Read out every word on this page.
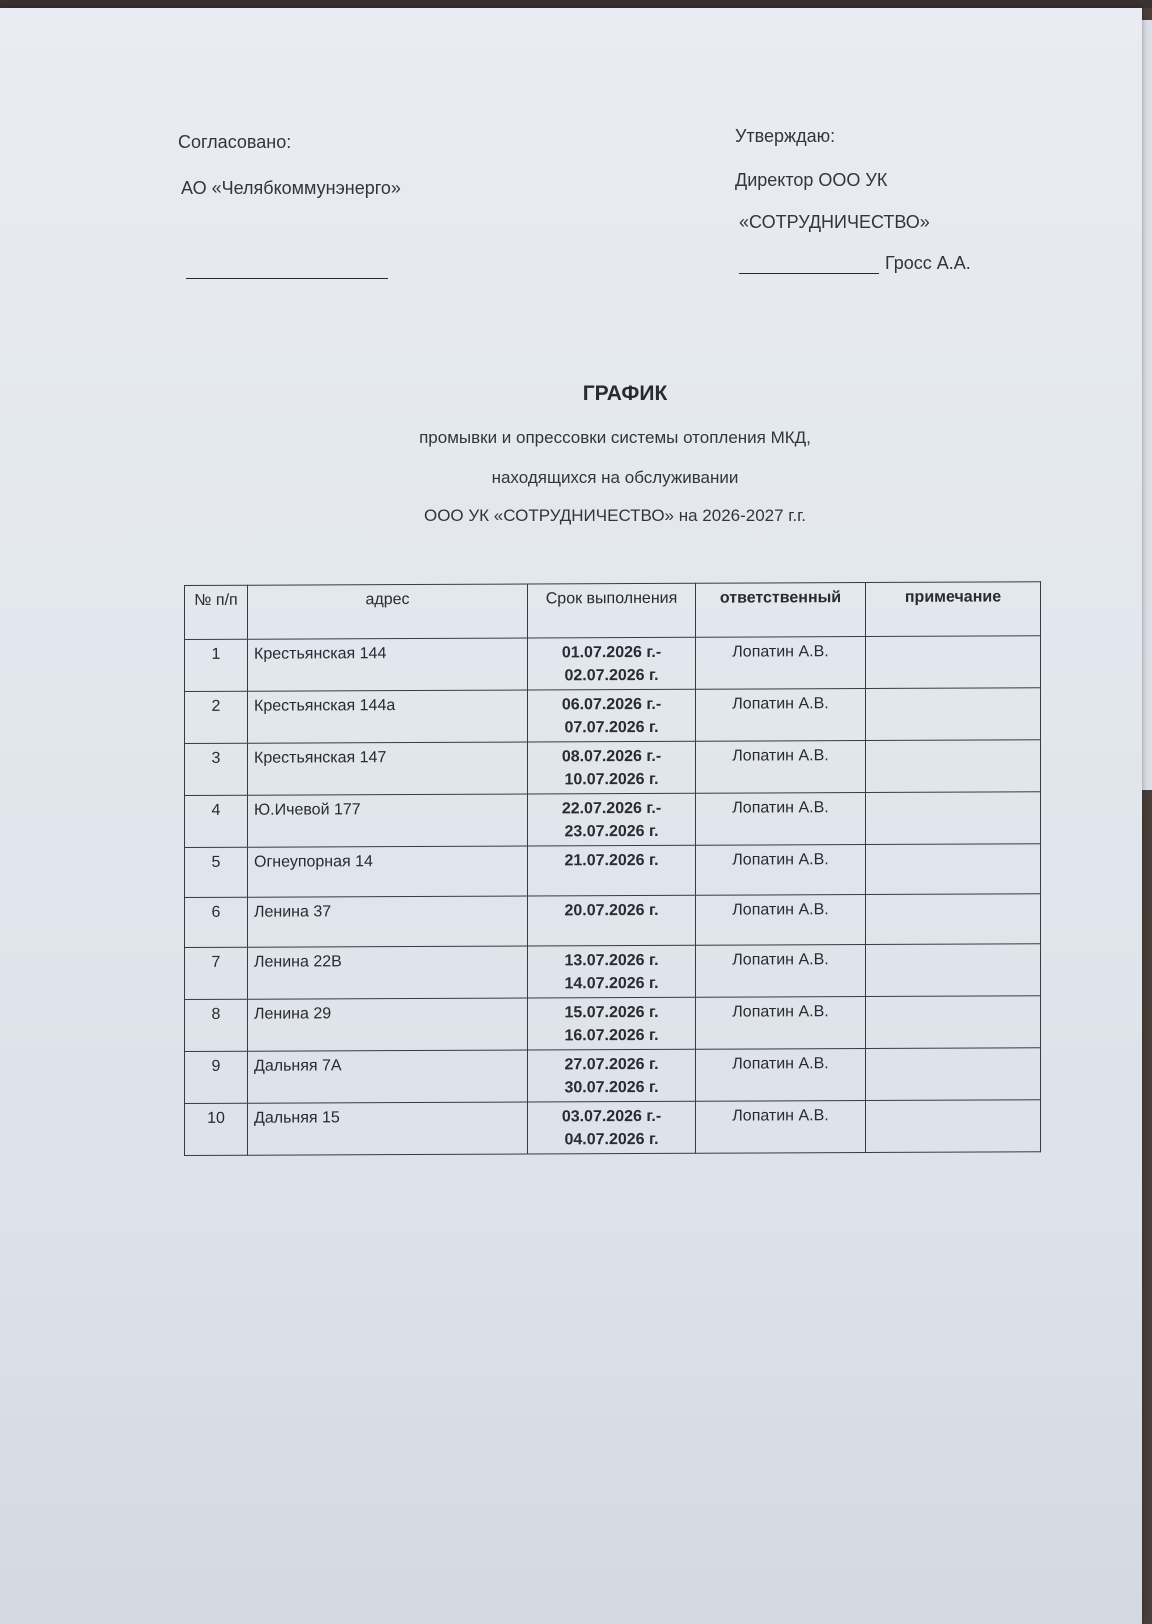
Согласовано:
АО «Челябкоммунэнерго»
Утверждаю:
Директор ООО УК
«СОТРУДНИЧЕСТВО»
Гросс А.А.
ГРАФИК
промывки и опрессовки системы отопления МКД,
находящихся на обслуживании
ООО УК «СОТРУДНИЧЕСТВО» на 2026-2027 г.г.
№ п/п	адрес	Срок выполнения	ответственный	примечание
1	Крестьянская 144	01.07.2026 г.-
02.07.2026 г.	Лопатин А.В.	
2	Крестьянская 144а	06.07.2026 г.-
07.07.2026 г.	Лопатин А.В.	
3	Крестьянская 147	08.07.2026 г.-
10.07.2026 г.	Лопатин А.В.	
4	Ю.Ичевой 177	22.07.2026 г.-
23.07.2026 г.	Лопатин А.В.	
5	Огнеупорная 14	21.07.2026 г.	Лопатин А.В.	
6	Ленина 37	20.07.2026 г.	Лопатин А.В.	
7	Ленина 22В	13.07.2026 г.
14.07.2026 г.	Лопатин А.В.	
8	Ленина 29	15.07.2026 г.
16.07.2026 г.	Лопатин А.В.	
9	Дальняя 7А	27.07.2026 г.
30.07.2026 г.	Лопатин А.В.	
10	Дальняя 15	03.07.2026 г.-
04.07.2026 г.	Лопатин А.В.	
